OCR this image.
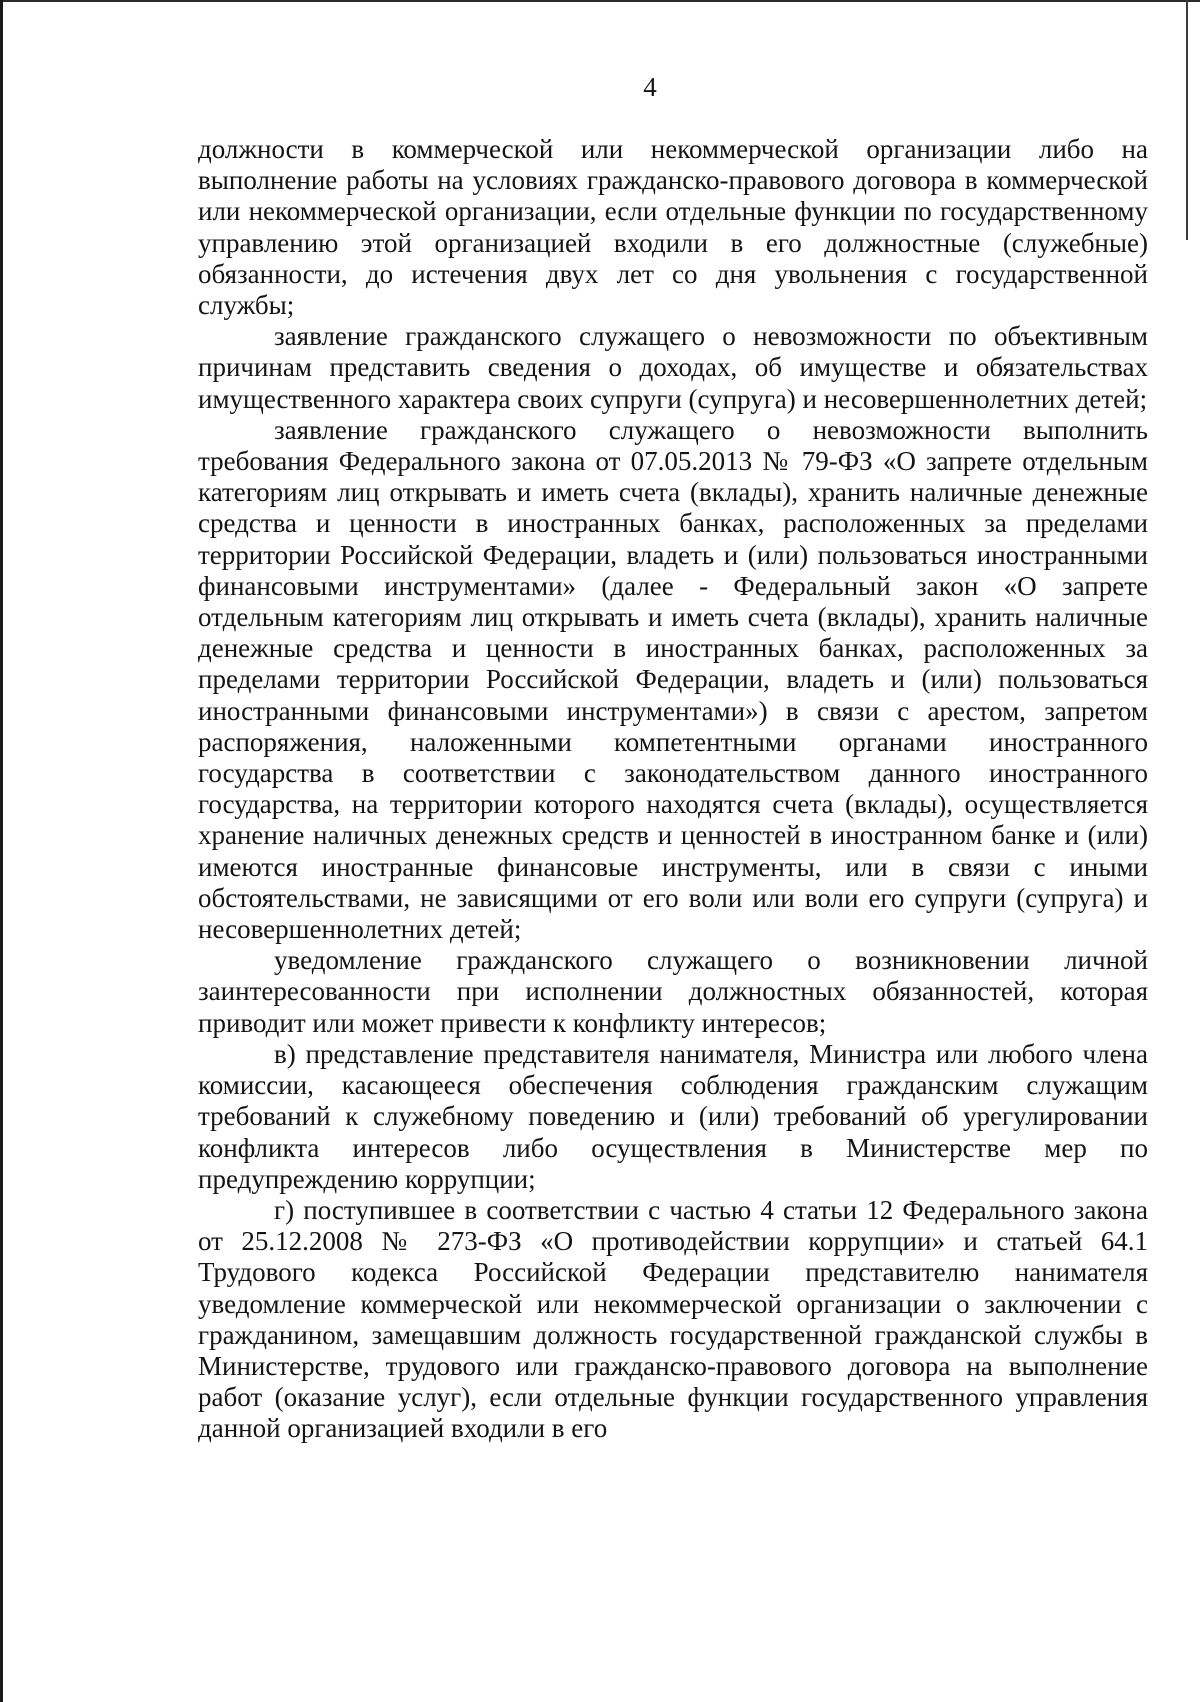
4

должности в коммерческой или некоммерческой организации либо на выполнение работы на условиях гражданско-правового договора в коммерческой или некоммерческой организации, если отдельные функции по государственному управлению этой организацией входили в его должностные (служебные) обязанности, до истечения двух лет со дня увольнения с государственной службы;

заявление гражданского служащего о невозможности по объективным причинам представить сведения о доходах, об имуществе и обязательствах имущественного характера своих супруги (супруга) и несовершеннолетних детей;

заявление гражданского служащего о невозможности выполнить требования Федерального закона от 07.05.2013 № 79-ФЗ «О запрете отдельным категориям лиц открывать и иметь счета (вклады), хранить наличные денежные средства и ценности в иностранных банках, расположенных за пределами территории Российской Федерации, владеть и (или) пользоваться иностранными финансовыми инструментами» (далее - Федеральный закон «О запрете отдельным категориям лиц открывать и иметь счета (вклады), хранить наличные денежные средства и ценности в иностранных банках, расположенных за пределами территории Российской Федерации, владеть и (или) пользоваться иностранными финансовыми инструментами») в связи с арестом, запретом распоряжения, наложенными компетентными органами иностранного государства в соответствии с законодательством данного иностранного государства, на территории которого находятся счета (вклады), осуществляется хранение наличных денежных средств и ценностей в иностранном банке и (или) имеются иностранные финансовые инструменты, или в связи с иными обстоятельствами, не зависящими от его воли или воли его супруги (супруга) и несовершеннолетних детей;

уведомление гражданского служащего о возникновении личной заинтересованности при исполнении должностных обязанностей, которая приводит или может привести к конфликту интересов;

в) представление представителя нанимателя, Министра или любого члена комиссии, касающееся обеспечения соблюдения гражданским служащим требований к служебному поведению и (или) требований об урегулировании конфликта интересов либо осуществления в Министерстве мер по предупреждению коррупции;

г) поступившее в соответствии с частью 4 статьи 12 Федерального закона от 25.12.2008 № 273-ФЗ «О противодействии коррупции» и статьей 64.1 Трудового кодекса Российской Федерации представителю нанимателя уведомление коммерческой или некоммерческой организации о заключении с гражданином, замещавшим должность государственной гражданской службы в Министерстве, трудового или гражданско-правового договора на выполнение работ (оказание услуг), если отдельные функции государственного управления данной организацией входили в его
